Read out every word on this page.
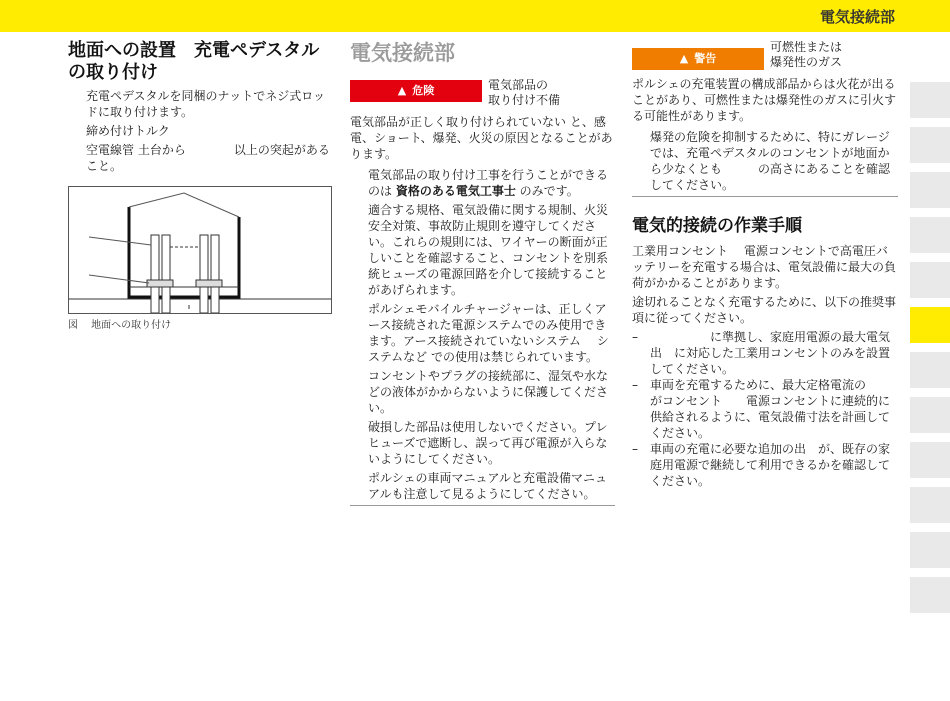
電気接続部
地面への設置　充電ペデスタルの取り付け

充電ペデスタルを同梱のナットでネジ式ロッドに取り付けます。

締め付けトルク

空電線管 土台から　　　　以上の突起があること。

図　 地面への取り付け
電気接続部
▲ 危険	電気部品の
取り付け不備

電気部品が正しく取り付けられていない と、感電、ショート、爆発、火災の原因となることがあります。

電気部品の取り付け工事を行うことができるのは 資格のある電気工事士 のみです。

適合する規格、電気設備に関する規制、火災安全対策、事故防止規則を遵守してください。これらの規則には、ワイヤーの断面が正しいことを確認すること、コンセントを別系統ヒューズの電源回路を介して接続することがあげられます。

ポルシェモバイルチャージャーは、正しくアース接続された電源システムでのみ使用できます。アース接続されていないシステム　 システムなど での使用は禁じられています。

コンセントやプラグの接続部に、湿気や水などの液体がかからないように保護してください。

破損した部品は使用しないでください。プレヒューズで遮断し、誤って再び電源が入らないようにしてください。

ポルシェの車両マニュアルと充電設備マニュアルも注意して見るようにしてください。

▲ 警告
可燃性または
爆発性のガス

ポルシェの充電装置の構成部品からは火花が出ることがあり、可燃性または爆発性のガスに引火する可能性があります。

爆発の危険を抑制するために、特にガレージでは、充電ペデスタルのコンセントが地面から少なくとも　　　の高さにあることを確認してください。

電気的接続の作業手順

工業用コンセント　 電源コンセントで高電圧バッテリーを充電する場合は、電気設備に最大の負荷がかかることがあります。

途切れることなく充電するために、以下の推奨事項に従ってください。

–	　　　　　に準拠し、家庭用電源の最大電気出　に対応した工業用コンセントのみを設置してください。
–	車両を充電するために、最大定格電流の　　　がコンセント　　電源コンセントに連続的に供給されるように、電気設備寸法を計画してください。
–	車両の充電に必要な追加の出　が、既存の家庭用電源で継続して利用できるかを確認してください。
